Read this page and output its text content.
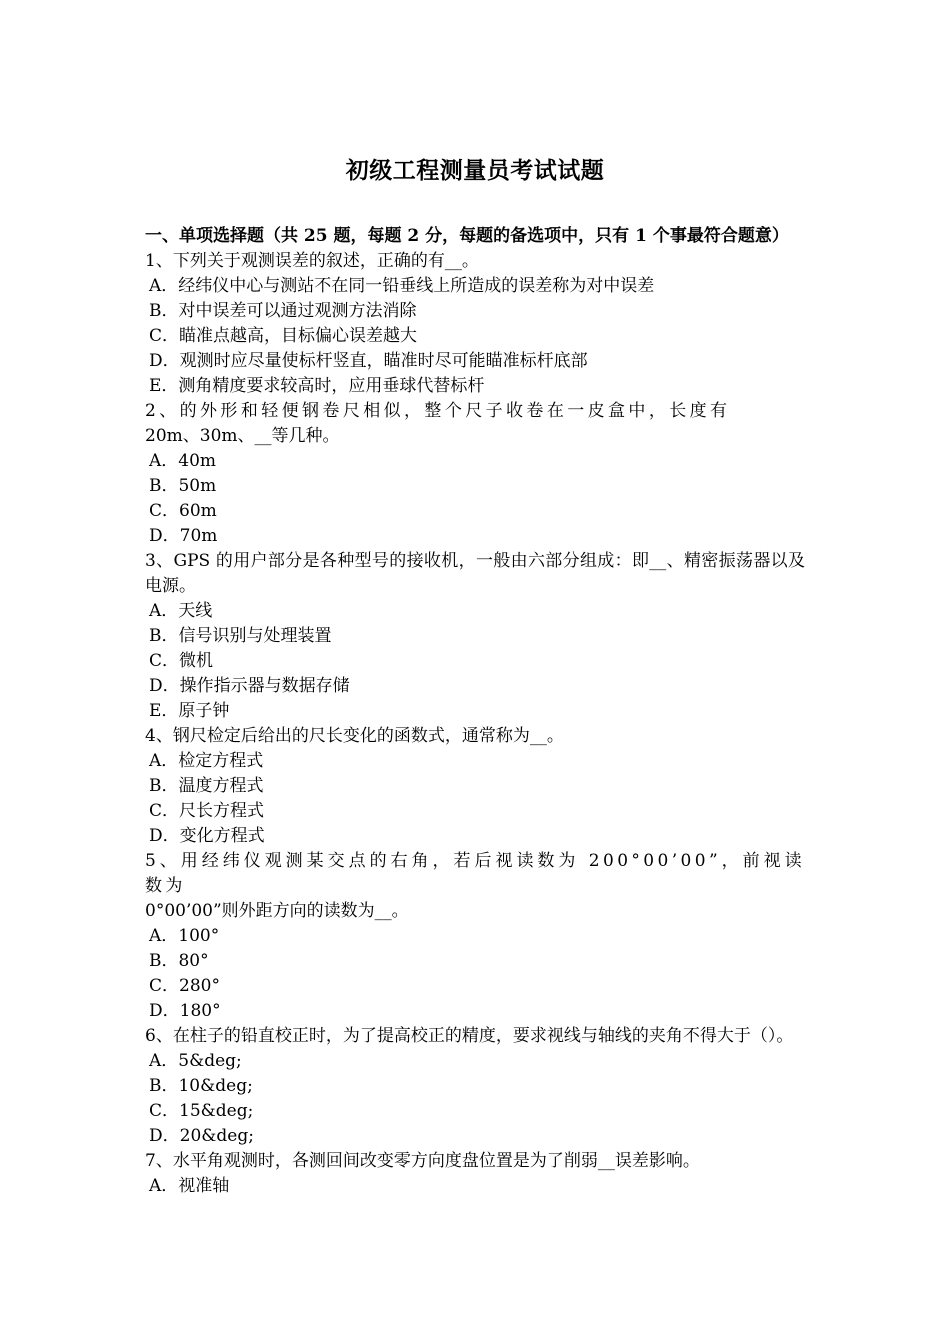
初级工程测量员考试试题

一、单项选择题（共 25 题，每题 2 分，每题的备选项中，只有 1 个事最符合题意）

1、下列关于观测误差的叙述，正确的有__。

A．经纬仪中心与测站不在同一铅垂线上所造成的误差称为对中误差

B．对中误差可以通过观测方法消除

C．瞄准点越高，目标偏心误差越大

D．观测时应尽量使标杆竖直，瞄准时尽可能瞄准标杆底部

E．测角精度要求较高时，应用垂球代替标杆

2、的外形和轻便钢卷尺相似，整个尺子收卷在一皮盒中，长度有

20m、30m、__等几种。

A．40m

B．50m

C．60m

D．70m

3、GPS 的用户部分是各种型号的接收机，一般由六部分组成：即__、精密振荡器以及电源。

A．天线

B．信号识别与处理装置

C．微机

D．操作指示器与数据存储

E．原子钟

4、钢尺检定后给出的尺长变化的函数式，通常称为__。

A．检定方程式

B．温度方程式

C．尺长方程式

D．变化方程式

5、用经纬仪观测某交点的右角，若后视读数为 200°00’00”，前视读数为

0°00’00”则外距方向的读数为__。

A．100°

B．80°

C．280°

D．180°

6、在柱子的铅直校正时，为了提高校正的精度，要求视线与轴线的夹角不得大于（）。

A．5&deg;

B．10&deg;

C．15&deg;

D．20&deg;

7、水平角观测时，各测回间改变零方向度盘位置是为了削弱__误差影响。

A．视准轴
